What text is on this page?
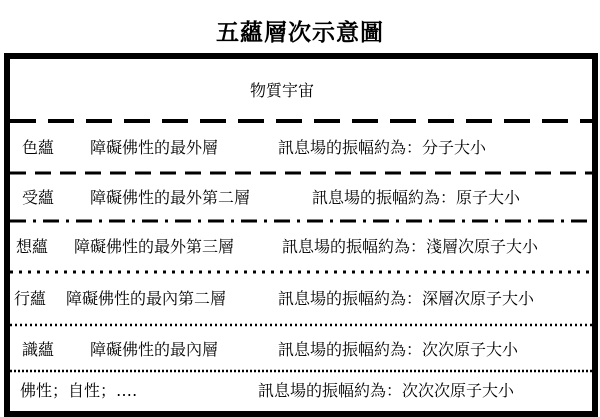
五蘊層次示意圖
物質宇宙
色蘊 障礙佛性的最外層	訊息場的振幅約為：分子大小
受蘊 障礙佛性的最外第二層	訊息場的振幅約為：原子大小
想蘊 障礙佛性的最外第三層	訊息場的振幅約為：淺層次原子大小
行蘊 障礙佛性的最內第二層	訊息場的振幅約為：深層次原子大小
識蘊 障礙佛性的最內層	訊息場的振幅約為：次次原子大小
佛性；自性；‥‥	訊息場的振幅約為：次次次原子大小
